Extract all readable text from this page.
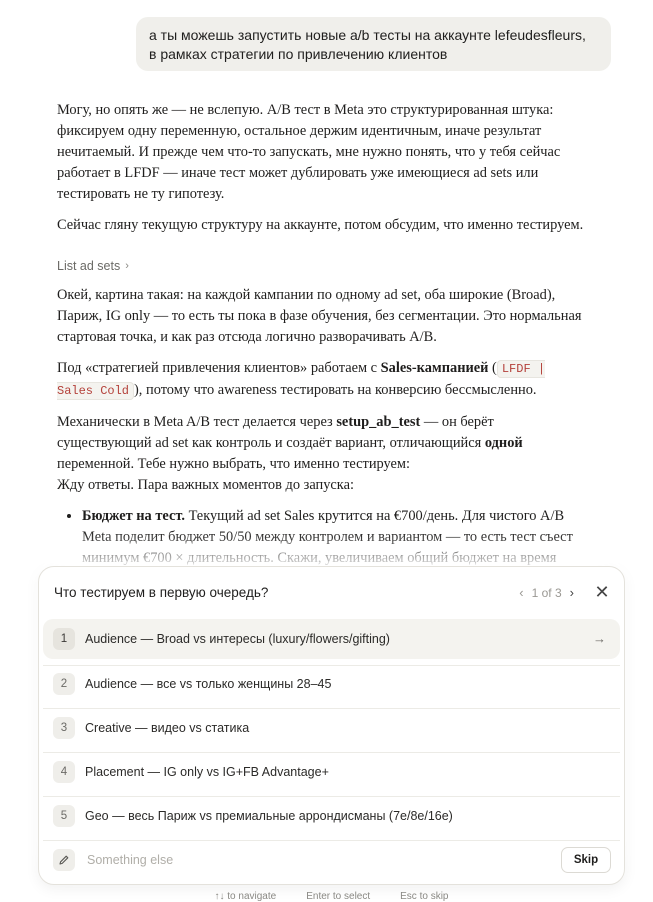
а ты можешь запустить новые a/b тесты на аккаунте lefeudesfleurs, в рамках стратегии по привлечению клиентов

Могу, но опять же — не вслепую. A/B тест в Meta это структурированная штука: фиксируем одну переменную, остальное держим идентичным, иначе результат нечитаемый. И прежде чем что-то запускать, мне нужно понять, что у тебя сейчас работает в LFDF — иначе тест может дублировать уже имеющиеся ad sets или тестировать не ту гипотезу.

Сейчас гляну текущую структуру на аккаунте, потом обсудим, что именно тестируем.

List ad sets ›

Окей, картина такая: на каждой кампании по одному ad set, оба широкие (Broad), Париж, IG only — то есть ты пока в фазе обучения, без сегментации. Это нормальная стартовая точка, и как раз отсюда логично разворачивать A/B.

Под «стратегией привлечения клиентов» работаем с Sales-кампанией ( LFDF | Sales Cold ), потому что awareness тестировать на конверсию бессмысленно.

Механически в Meta A/B тест делается через setup_ab_test — он берёт существующий ad set как контроль и создаёт вариант, отличающийся одной переменной. Тебе нужно выбрать, что именно тестируем:
Жду ответы. Пара важных моментов до запуска:

• Бюджет на тест. Текущий ad set Sales крутится на €700/день. Для чистого A/B Meta поделит бюджет 50/50 между контролем и вариантом — то есть тест съест минимум €700 × длительность. Скажи, увеличиваем общий бюджет на время
•
Что тестируем в первую очередь?	‹ 1 of 3 › ✕
1	Audience — Broad vs интересы (luxury/flowers/gifting)	→
2	Audience — все vs только женщины 28–45
3	Creative — видео vs статика
4	Placement — IG only vs IG+FB Advantage+
5	Geo — весь Париж vs премиальные аррондисманы (7e/8e/16e)
Something else
Skip
↑↓ to navigate	Enter to select	Esc to skip
